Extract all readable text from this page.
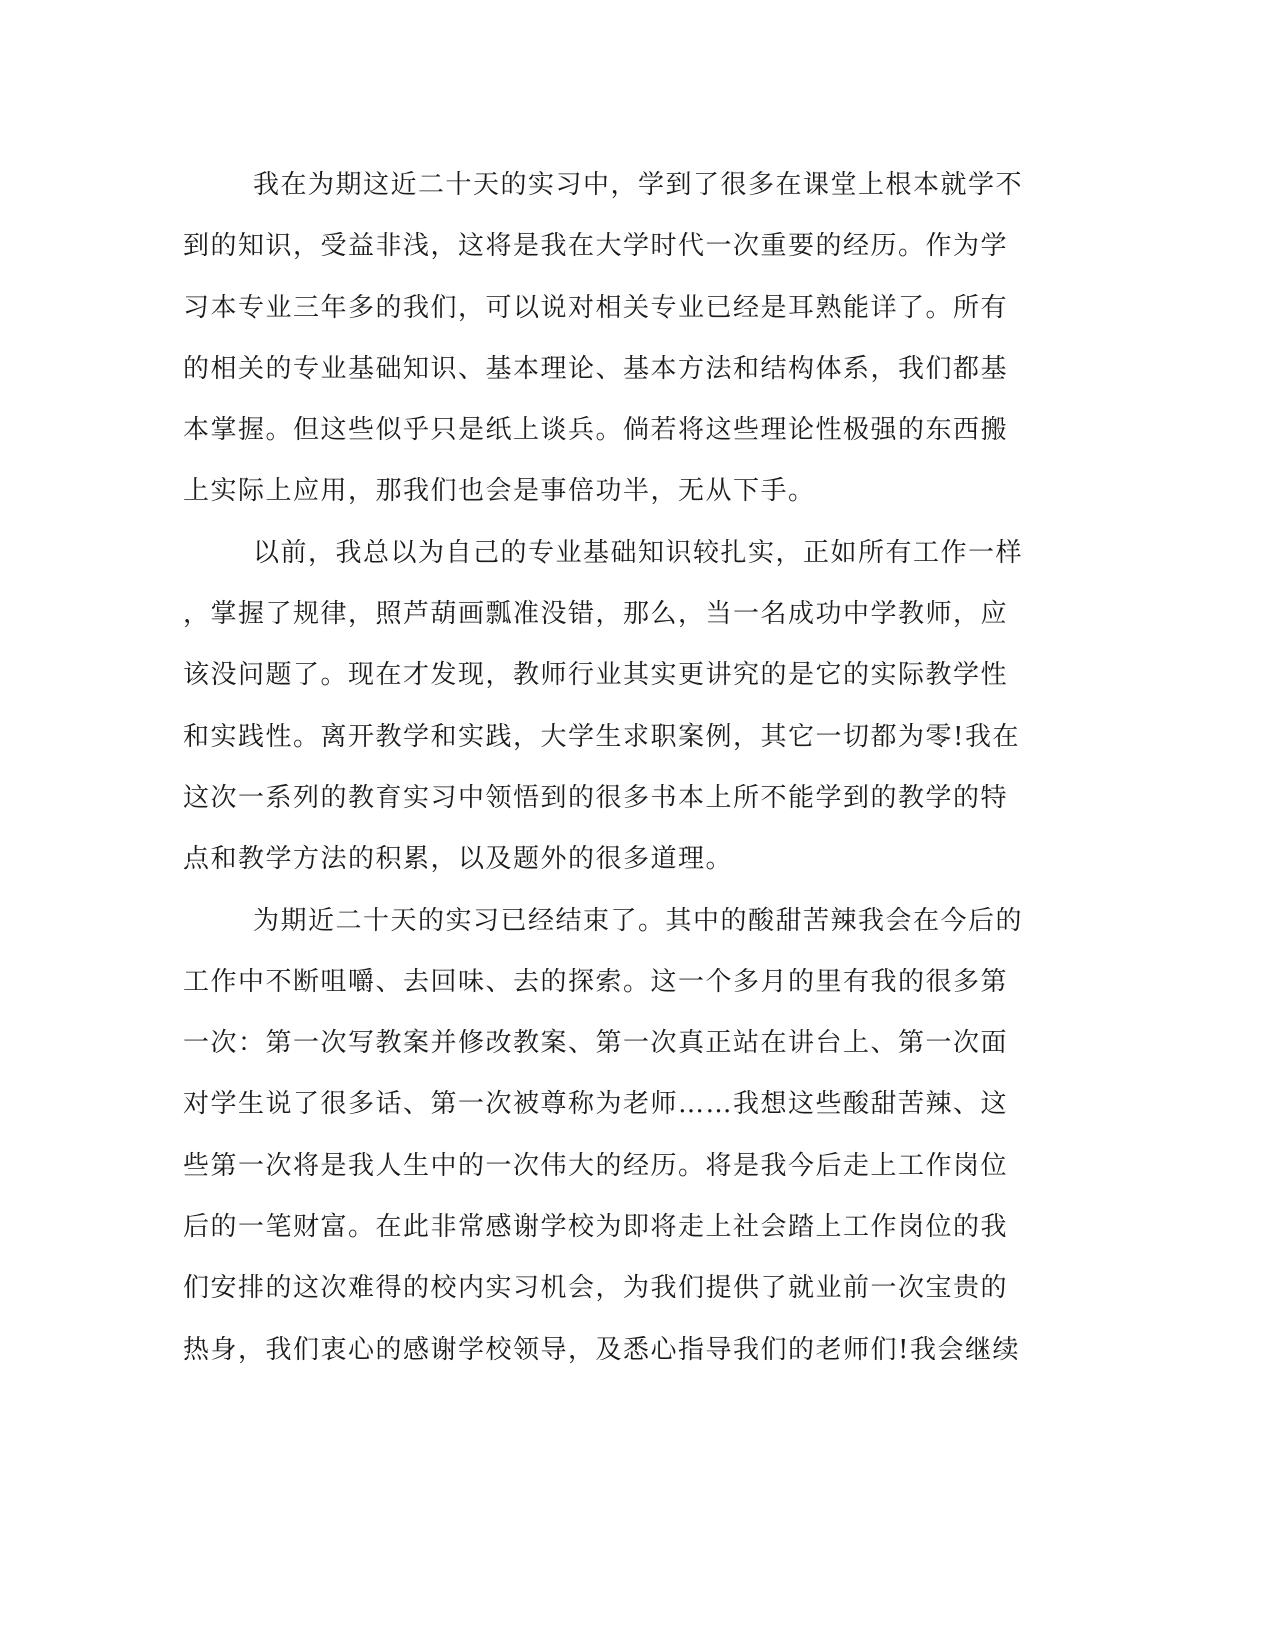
我在为期这近二十天的实习中，学到了很多在课堂上根本就学不
到的知识，受益非浅，这将是我在大学时代一次重要的经历。作为学
习本专业三年多的我们，可以说对相关专业已经是耳熟能详了。所有
的相关的专业基础知识、基本理论、基本方法和结构体系，我们都基
本掌握。但这些似乎只是纸上谈兵。倘若将这些理论性极强的东西搬
上实际上应用，那我们也会是事倍功半，无从下手。
以前，我总以为自己的专业基础知识较扎实，正如所有工作一样
，掌握了规律，照芦葫画瓢准没错，那么，当一名成功中学教师，应
该没问题了。现在才发现，教师行业其实更讲究的是它的实际教学性
和实践性。离开教学和实践，大学生求职案例，其它一切都为零!我在
这次一系列的教育实习中领悟到的很多书本上所不能学到的教学的特
点和教学方法的积累，以及题外的很多道理。
为期近二十天的实习已经结束了。其中的酸甜苦辣我会在今后的
工作中不断咀嚼、去回味、去的探索。这一个多月的里有我的很多第
一次：第一次写教案并修改教案、第一次真正站在讲台上、第一次面
对学生说了很多话、第一次被尊称为老师……我想这些酸甜苦辣、这
些第一次将是我人生中的一次伟大的经历。将是我今后走上工作岗位
后的一笔财富。在此非常感谢学校为即将走上社会踏上工作岗位的我
们安排的这次难得的校内实习机会，为我们提供了就业前一次宝贵的
热身，我们衷心的感谢学校领导，及悉心指导我们的老师们!我会继续
